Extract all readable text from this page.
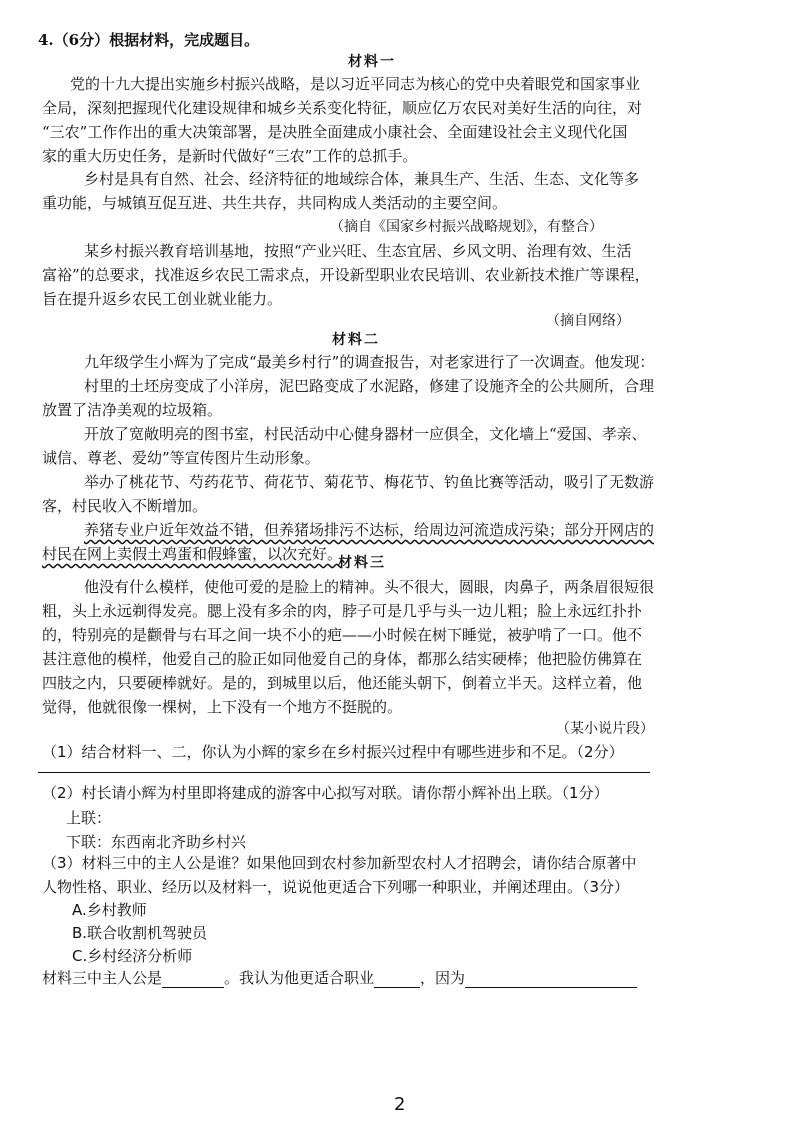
4.（6分）根据材料，完成题目。
材料一
党的十九大提出实施乡村振兴战略，是以习近平同志为核心的党中央着眼党和国家事业
全局，深刻把握现代化建设规律和城乡关系变化特征，顺应亿万农民对美好生活的向往，对
“三农”工作作出的重大决策部署，是决胜全面建成小康社会、全面建设社会主义现代化国
家的重大历史任务，是新时代做好“三农”工作的总抓手。
乡村是具有自然、社会、经济特征的地域综合体，兼具生产、生活、生态、文化等多
重功能，与城镇互促互进、共生共存，共同构成人类活动的主要空间。
（摘自《国家乡村振兴战略规划》，有整合）
某乡村振兴教育培训基地，按照“产业兴旺、生态宜居、乡风文明、治理有效、生活
富裕”的总要求，找准返乡农民工需求点，开设新型职业农民培训、农业新技术推广等课程，
旨在提升返乡农民工创业就业能力。
（摘自网络）
材料二
九年级学生小辉为了完成“最美乡村行”的调查报告，对老家进行了一次调查。他发现：
村里的土坯房变成了小洋房，泥巴路变成了水泥路，修建了设施齐全的公共厕所，合理
放置了洁净美观的垃圾箱。
开放了宽敞明亮的图书室，村民活动中心健身器材一应俱全，文化墙上“爱国、孝亲、
诚信、尊老、爱幼”等宣传图片生动形象。
举办了桃花节、芍药花节、荷花节、菊花节、梅花节、钓鱼比赛等活动，吸引了无数游
客，村民收入不断增加。
养猪专业户近年效益不错，但养猪场排污不达标，给周边河流造成污染；部分开网店的
村民在网上卖假土鸡蛋和假蜂蜜，以次充好。
材料三
他没有什么模样，使他可爱的是脸上的精神。头不很大，圆眼，肉鼻子，两条眉很短很
粗，头上永远剃得发亮。腮上没有多余的肉，脖子可是几乎与头一边儿粗；脸上永远红扑扑
的，特别亮的是颧骨与右耳之间一块不小的疤——小时候在树下睡觉，被驴啃了一口。他不
甚注意他的模样，他爱自己的脸正如同他爱自己的身体，都那么结实硬棒；他把脸仿佛算在
四肢之内，只要硬棒就好。是的，到城里以后，他还能头朝下，倒着立半天。这样立着，他
觉得，他就很像一棵树，上下没有一个地方不挺脱的。
（某小说片段）
（1）结合材料一、二，你认为小辉的家乡在乡村振兴过程中有哪些进步和不足。（2分）
（2）村长请小辉为村里即将建成的游客中心拟写对联。请你帮小辉补出上联。（1分）
上联：
下联：东西南北齐助乡村兴
（3）材料三中的主人公是谁？如果他回到农村参加新型农村人才招聘会，请你结合原著中
人物性格、职业、经历以及材料一，说说他更适合下列哪一种职业，并阐述理由。（3分）
A.乡村教师
B.联合收割机驾驶员
C.乡村经济分析师
材料三中主人公是	。我认为他更适合职业	，因为
2
